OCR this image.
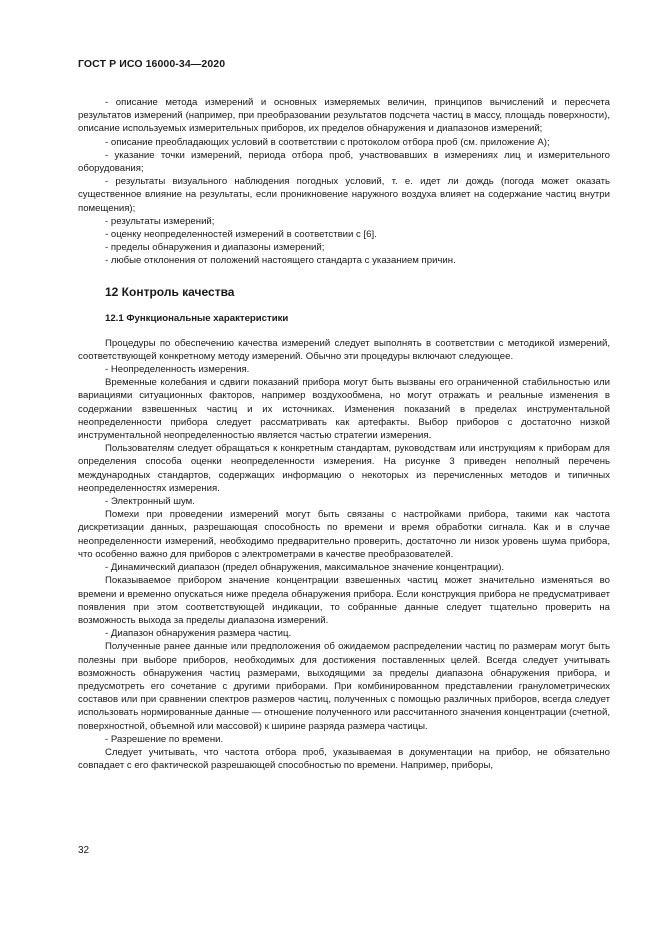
ГОСТ Р ИСО 16000-34—2020

- описание метода измерений и основных измеряемых величин, принципов вычислений и пересчета результатов измерений (например, при преобразовании результатов подсчета частиц в массу, площадь поверхности), описание используемых измерительных приборов, их пределов обнаружения и диапазонов измерений;

- описание преобладающих условий в соответствии с протоколом отбора проб (см. приложение А);

- указание точки измерений, периода отбора проб, участвовавших в измерениях лиц и измерительного оборудования;

- результаты визуального наблюдения погодных условий, т. е. идет ли дождь (погода может оказать существенное влияние на результаты, если проникновение наружного воздуха влияет на содержание частиц внутри помещения);

- результаты измерений;

- оценку неопределенностей измерений в соответствии с [6].

- пределы обнаружения и диапазоны измерений;

- любые отклонения от положений настоящего стандарта с указанием причин.

12 Контроль качества
12.1 Функциональные характеристики

Процедуры по обеспечению качества измерений следует выполнять в соответствии с методикой измерений, соответствующей конкретному методу измерений. Обычно эти процедуры включают следующее.

- Неопределенность измерения.

Временные колебания и сдвиги показаний прибора могут быть вызваны его ограниченной стабильностью или вариациями ситуационных факторов, например воздухообмена, но могут отражать и реальные изменения в содержании взвешенных частиц и их источниках. Изменения показаний в пределах инструментальной неопределенности прибора следует рассматривать как артефакты. Выбор приборов с достаточно низкой инструментальной неопределенностью является частью стратегии измерения.

Пользователям следует обращаться к конкретным стандартам, руководствам или инструкциям к приборам для определения способа оценки неопределенности измерения. На рисунке 3 приведен неполный перечень международных стандартов, содержащих информацию о некоторых из перечисленных методов и типичных неопределенностях измерения.

- Электронный шум.

Помехи при проведении измерений могут быть связаны с настройками прибора, такими как частота дискретизации данных, разрешающая способность по времени и время обработки сигнала. Как и в случае неопределенности измерений, необходимо предварительно проверить, достаточно ли низок уровень шума прибора, что особенно важно для приборов с электрометрами в качестве преобразователей.

- Динамический диапазон (предел обнаружения, максимальное значение концентрации).

Показываемое прибором значение концентрации взвешенных частиц может значительно изменяться во времени и временно опускаться ниже предела обнаружения прибора. Если конструкция прибора не предусматривает появления при этом соответствующей индикации, то собранные данные следует тщательно проверить на возможность выхода за пределы диапазона измерений.

- Диапазон обнаружения размера частиц.

Полученные ранее данные или предположения об ожидаемом распределении частиц по размерам могут быть полезны при выборе приборов, необходимых для достижения поставленных целей. Всегда следует учитывать возможность обнаружения частиц размерами, выходящими за пределы диапазона обнаружения прибора, и предусмотреть его сочетание с другими приборами. При комбинированном представлении гранулометрических составов или при сравнении спектров размеров частиц, полученных с помощью различных приборов, всегда следует использовать нормированные данные — отношение полученного или рассчитанного значения концентрации (счетной, поверхностной, объемной или массовой) к ширине разряда размера частицы.

- Разрешение по времени.

Следует учитывать, что частота отбора проб, указываемая в документации на прибор, не обязательно совпадает с его фактической разрешающей способностью по времени. Например, приборы,

32
